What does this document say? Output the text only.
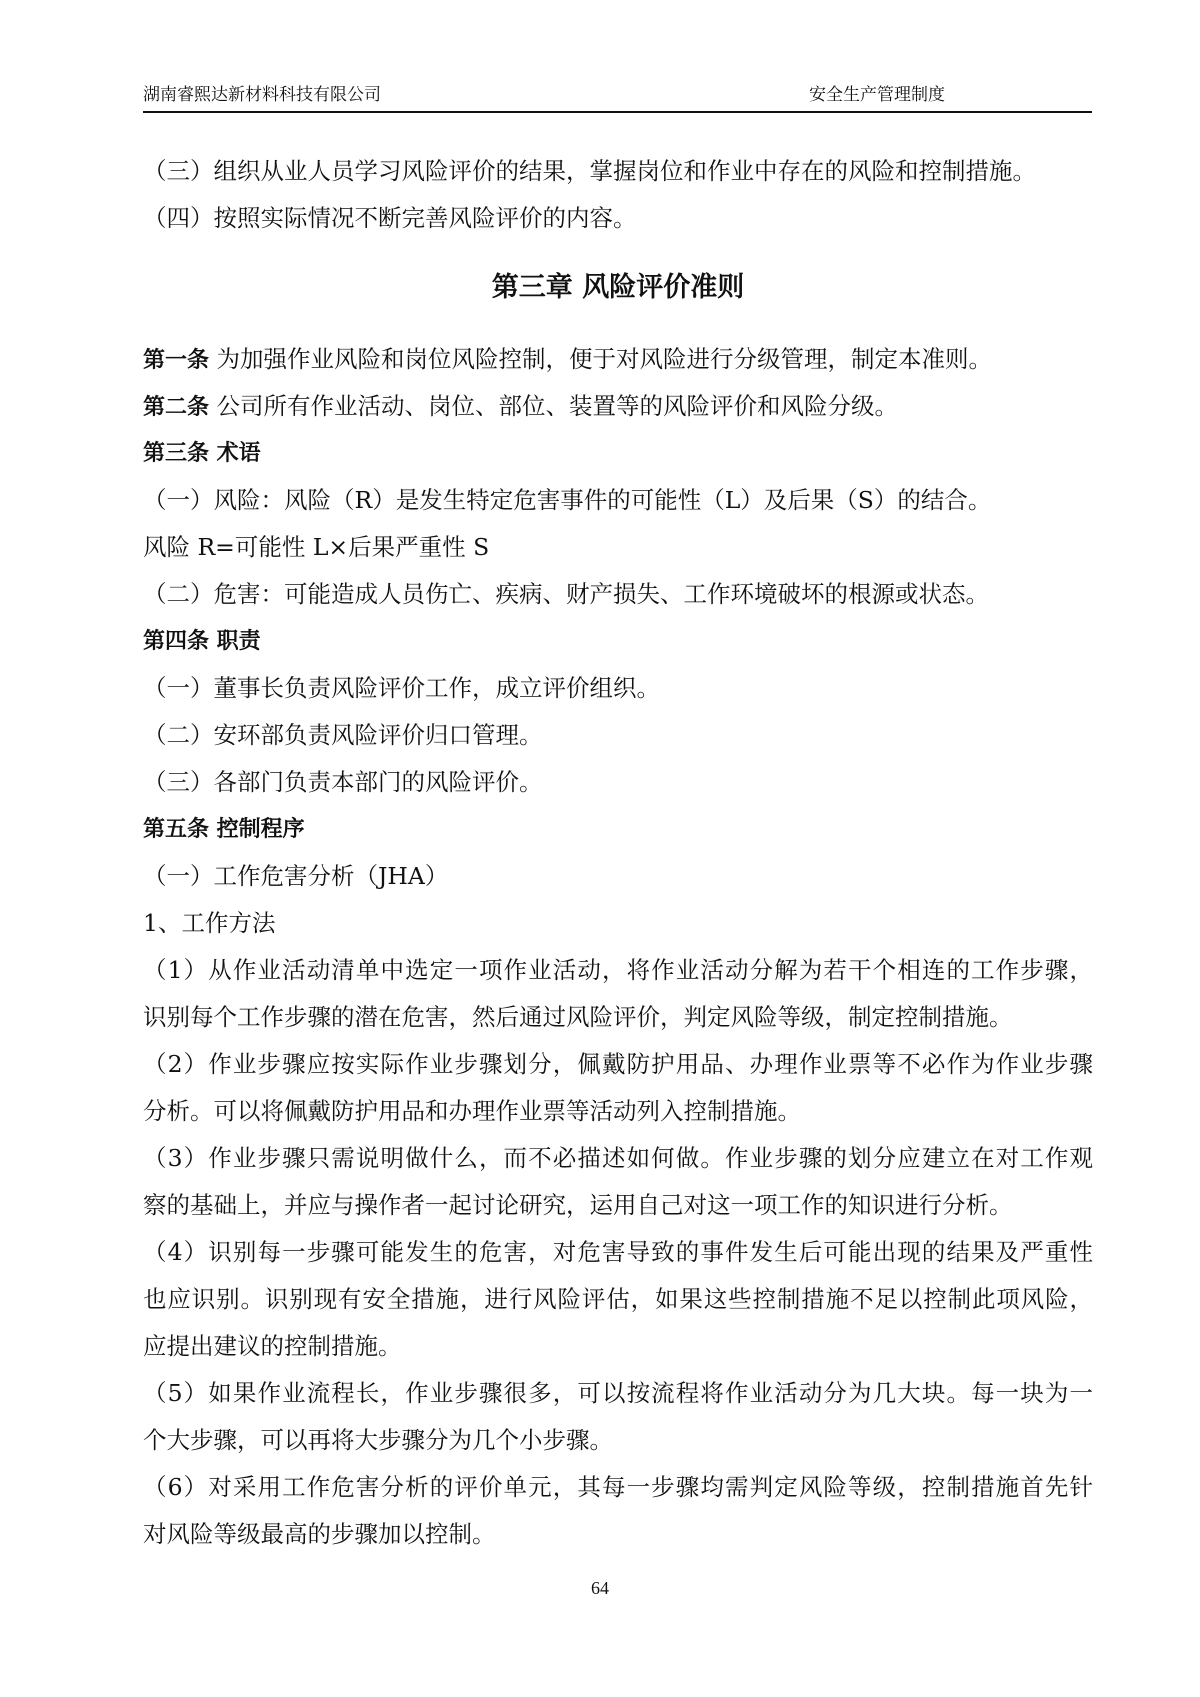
湖南睿熙达新材料科技有限公司	安全生产管理制度
（三）组织从业人员学习风险评价的结果，掌握岗位和作业中存在的风险和控制措施。
（四）按照实际情况不断完善风险评价的内容。
第三章 风险评价准则
第一条 为加强作业风险和岗位风险控制，便于对风险进行分级管理，制定本准则。
第二条 公司所有作业活动、岗位、部位、装置等的风险评价和风险分级。
第三条 术语
（一）风险：风险（R）是发生特定危害事件的可能性（L）及后果（S）的结合。
风险 R=可能性 L×后果严重性 S
（二）危害：可能造成人员伤亡、疾病、财产损失、工作环境破坏的根源或状态。
第四条 职责
（一）董事长负责风险评价工作，成立评价组织。
（二）安环部负责风险评价归口管理。
（三）各部门负责本部门的风险评价。
第五条 控制程序
（一）工作危害分析（JHA）
1、工作方法
（1）从作业活动清单中选定一项作业活动，将作业活动分解为若干个相连的工作步骤，
识别每个工作步骤的潜在危害，然后通过风险评价，判定风险等级，制定控制措施。
（2）作业步骤应按实际作业步骤划分，佩戴防护用品、办理作业票等不必作为作业步骤
分析。可以将佩戴防护用品和办理作业票等活动列入控制措施。
（3）作业步骤只需说明做什么，而不必描述如何做。作业步骤的划分应建立在对工作观
察的基础上，并应与操作者一起讨论研究，运用自己对这一项工作的知识进行分析。
（4）识别每一步骤可能发生的危害，对危害导致的事件发生后可能出现的结果及严重性
也应识别。识别现有安全措施，进行风险评估，如果这些控制措施不足以控制此项风险，
应提出建议的控制措施。
（5）如果作业流程长，作业步骤很多，可以按流程将作业活动分为几大块。每一块为一
个大步骤，可以再将大步骤分为几个小步骤。
（6）对采用工作危害分析的评价单元，其每一步骤均需判定风险等级，控制措施首先针
对风险等级最高的步骤加以控制。
64
